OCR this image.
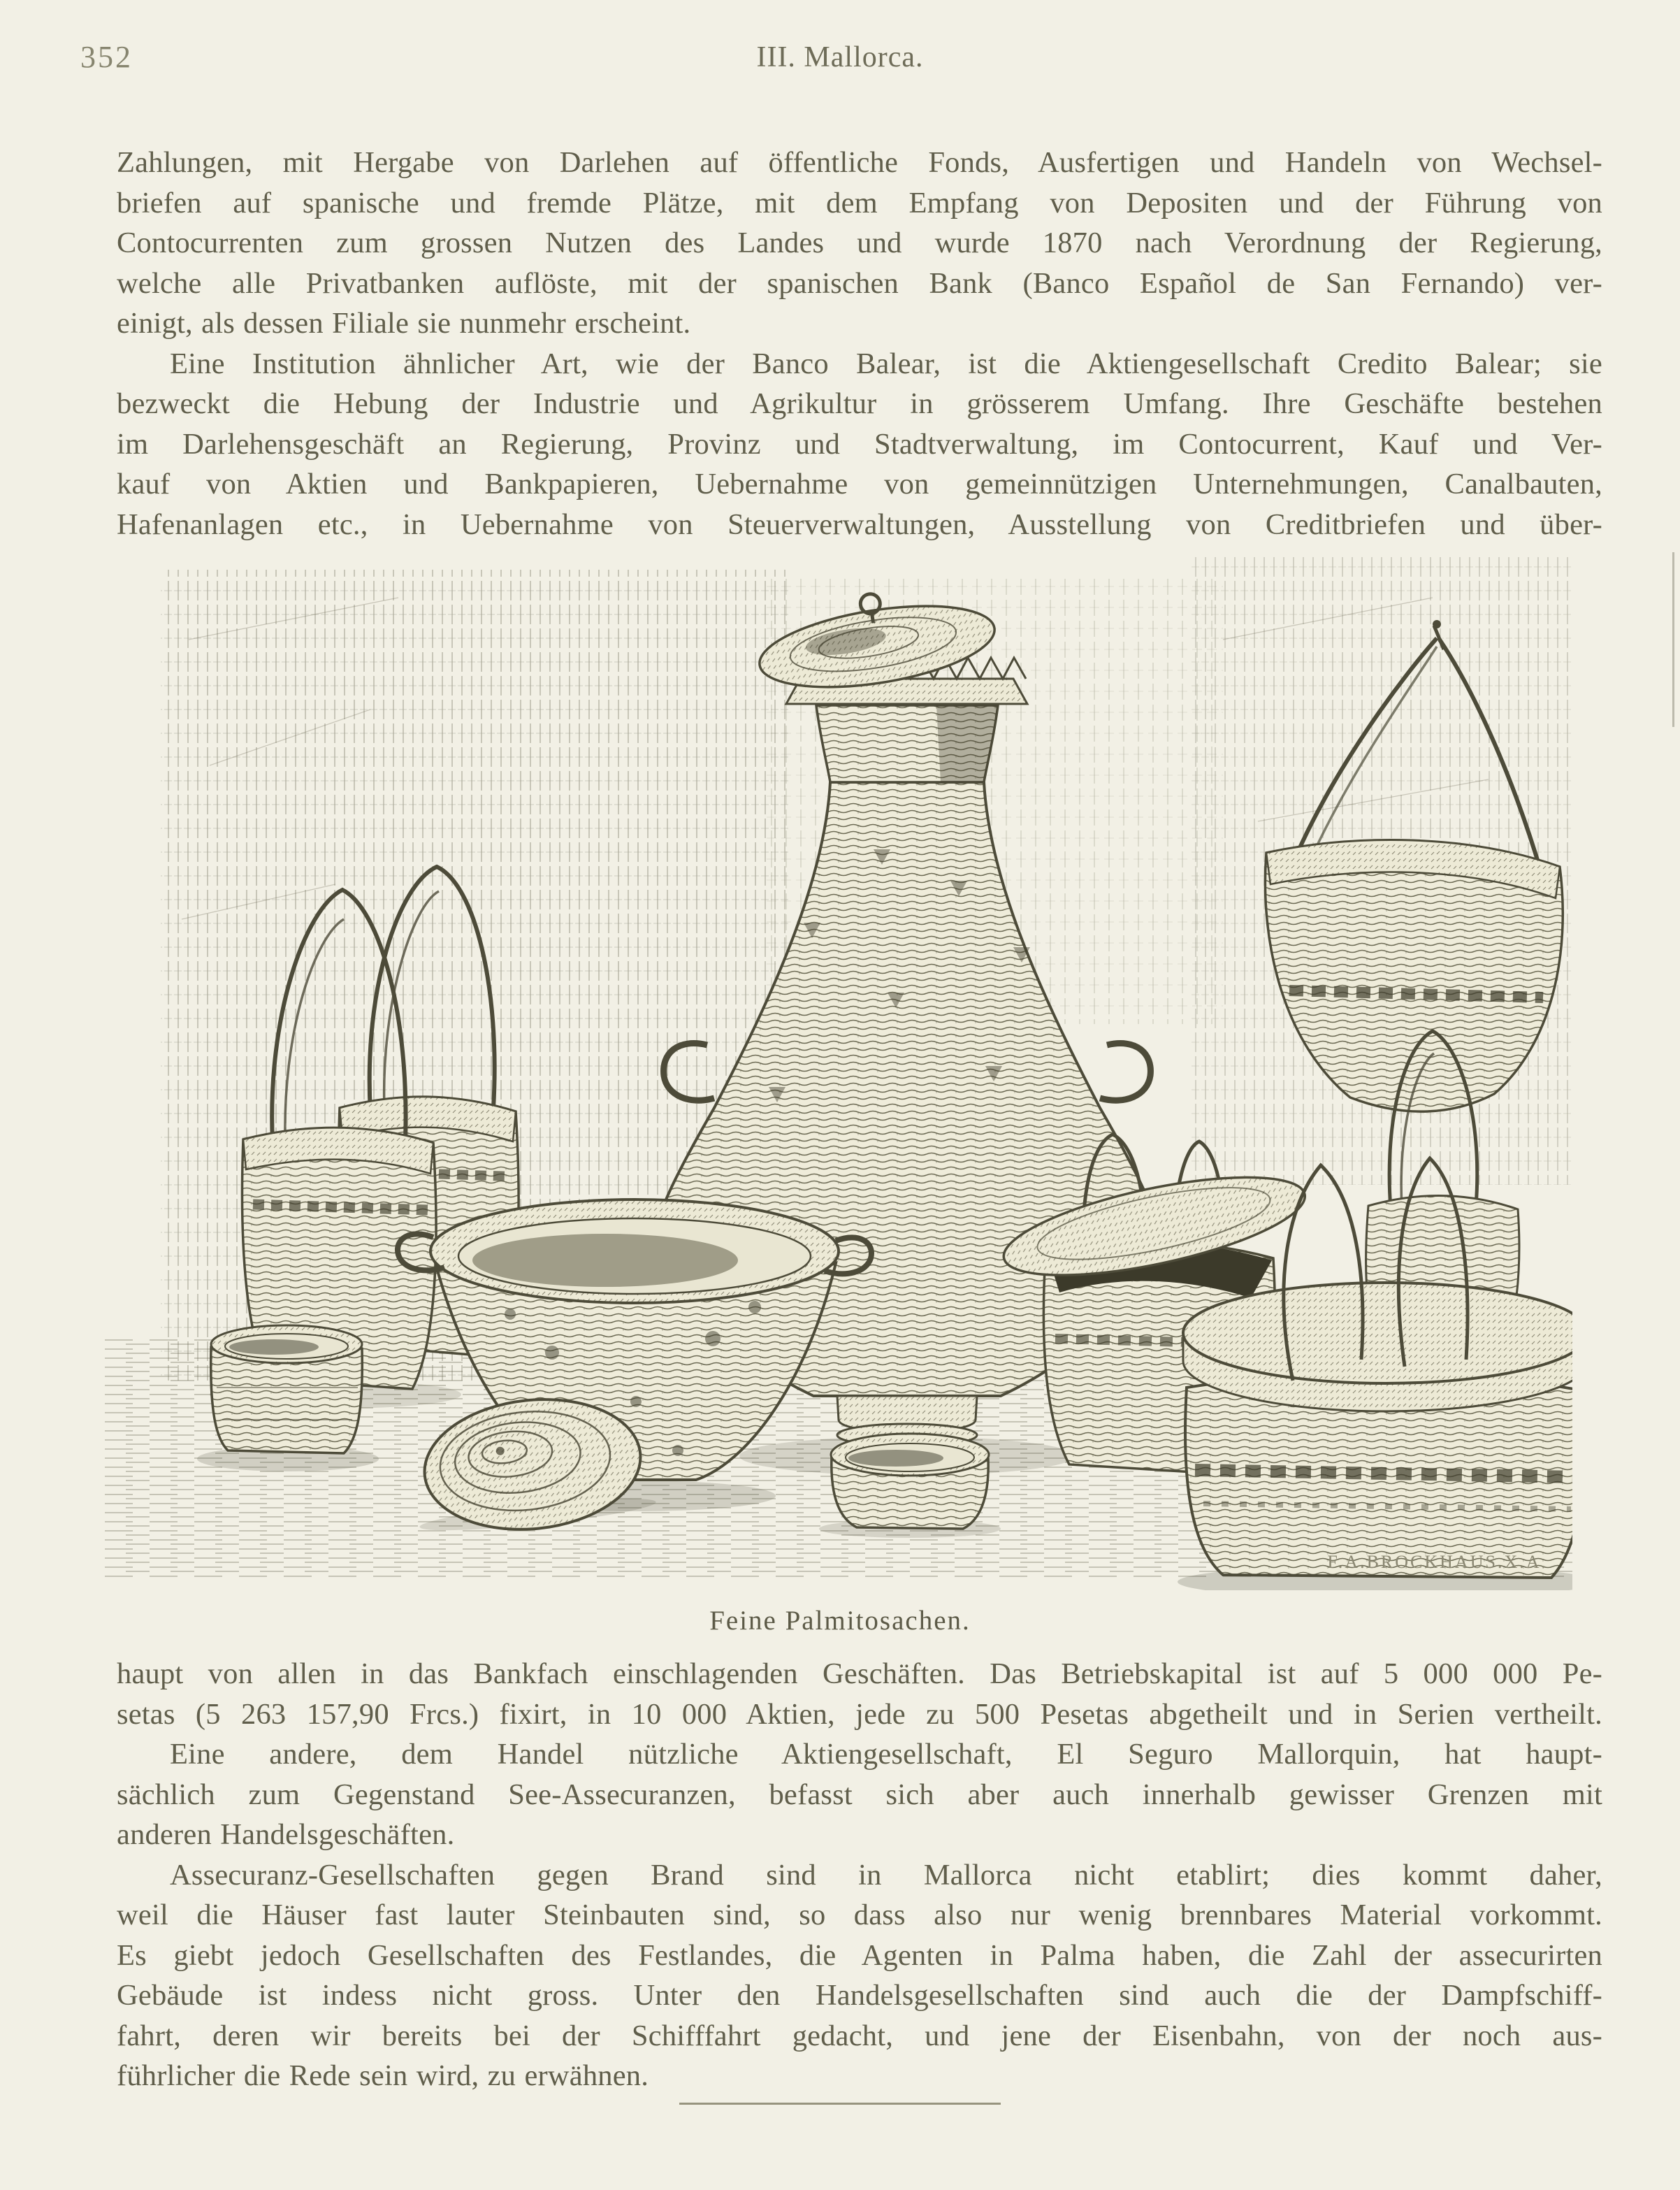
352	III. Mallorca.
Zahlungen, mit Hergabe von Darlehen auf öffentliche Fonds, Ausfertigen und Handeln von Wechsel-
briefen auf spanische und fremde Plätze, mit dem Empfang von Depositen und der Führung von
Contocurrenten zum grossen Nutzen des Landes und wurde 1870 nach Verordnung der Regierung,
welche alle Privatbanken auflöste, mit der spanischen Bank (Banco Español de San Fernando) ver-
einigt, als dessen Filiale sie nunmehr erscheint.
Eine Institution ähnlicher Art, wie der Banco Balear, ist die Aktiengesellschaft Credito Balear; sie
bezweckt die Hebung der Industrie und Agrikultur in grösserem Umfang. Ihre Geschäfte bestehen
im Darlehensgeschäft an Regierung, Provinz und Stadtverwaltung, im Contocurrent, Kauf und Ver-
kauf von Aktien und Bankpapieren, Uebernahme von gemeinnützigen Unternehmungen, Canalbauten,
Hafenanlagen etc., in Uebernahme von Steuerverwaltungen, Ausstellung von Creditbriefen und über-
F.A.BROCKHAUS.X.A.
Feine Palmitosachen.
haupt von allen in das Bankfach einschlagenden Geschäften. Das Betriebskapital ist auf 5 000 000 Pe-
setas (5 263 157,90 Frcs.) fixirt, in 10 000 Aktien, jede zu 500 Pesetas abgetheilt und in Serien vertheilt.
Eine andere, dem Handel nützliche Aktiengesellschaft, El Seguro Mallorquin, hat haupt-
sächlich zum Gegenstand See-Assecuranzen, befasst sich aber auch innerhalb gewisser Grenzen mit
anderen Handelsgeschäften.
Assecuranz-Gesellschaften gegen Brand sind in Mallorca nicht etablirt; dies kommt daher,
weil die Häuser fast lauter Steinbauten sind, so dass also nur wenig brennbares Material vorkommt.
Es giebt jedoch Gesellschaften des Festlandes, die Agenten in Palma haben, die Zahl der assecurirten
Gebäude ist indess nicht gross. Unter den Handelsgesellschaften sind auch die der Dampfschiff-
fahrt, deren wir bereits bei der Schifffahrt gedacht, und jene der Eisenbahn, von der noch aus-
führlicher die Rede sein wird, zu erwähnen.
